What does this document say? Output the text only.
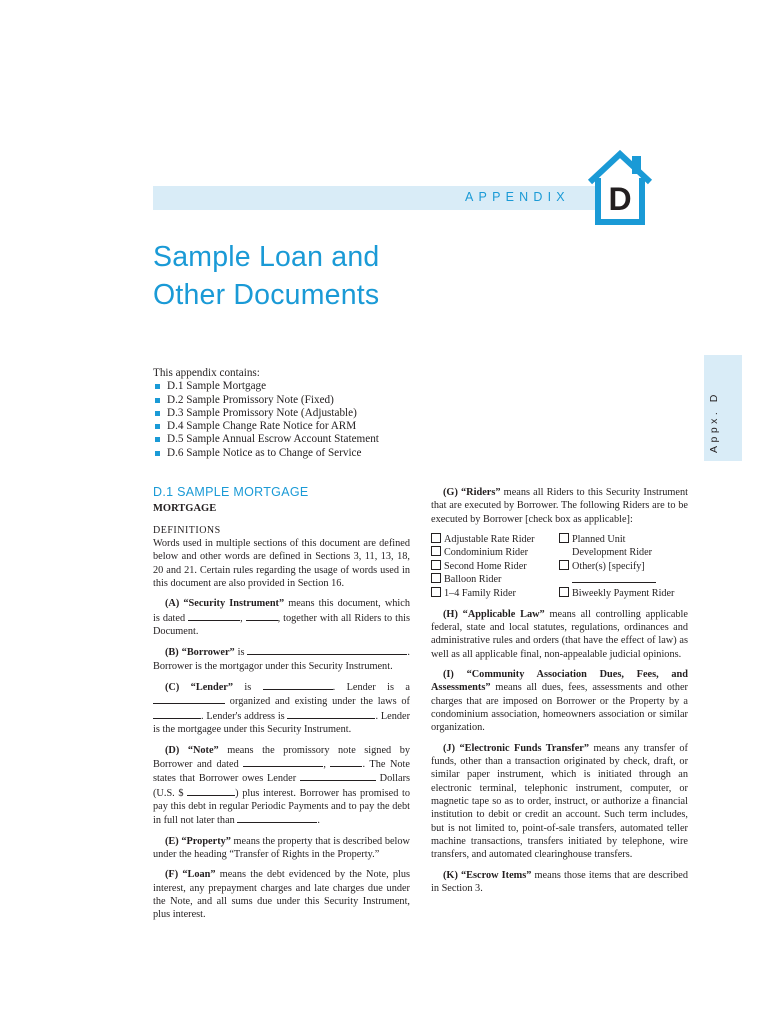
APPENDIX D
Sample Loan and
Other Documents
Appx. D
This appendix contains:
D.1 Sample Mortgage
D.2 Sample Promissory Note (Fixed)
D.3 Sample Promissory Note (Adjustable)
D.4 Sample Change Rate Notice for ARM
D.5 Sample Annual Escrow Account Statement
D.6 Sample Notice as to Change of Service
D.1 SAMPLE MORTGAGE
MORTGAGE
DEFINITIONS

Words used in multiple sections of this document are defined below and other words are defined in Sections 3, 11, 13, 18, 20 and 21. Certain rules regarding the usage of words used in this document are also provided in Section 16.

(A) “Security Instrument” means this document, which is dated	,	, together with all Riders to this Document.

(B) “Borrower” is	. Borrower is the mortgagor under this Security Instrument.

(C) “Lender” is	. Lender is a  organized and existing under the laws of . Lender's address is	. Lender is the mortgagee under this Security Instrument.

(D) “Note” means the promissory note signed by Borrower and dated	,	. The Note states that Borrower owes Lender	Dollars (U.S. $	) plus interest. Borrower has promised to pay this debt in regular Periodic Payments and to pay the debt in full not later than	.

(E) “Property” means the property that is described below under the heading “Transfer of Rights in the Property.”

(F) “Loan” means the debt evidenced by the Note, plus interest, any prepayment charges and late charges due under the Note, and all sums due under this Security Instrument, plus interest.

(G) “Riders” means all Riders to this Security Instrument that are executed by Borrower. The following Riders are to be executed by Borrower [check box as applicable]:

Adjustable Rate Rider	Planned Unit
Condominium Rider	Development Rider
Second Home Rider	Other(s) [specify]
Balloon Rider
1–4 Family Rider	Biweekly Payment Rider

(H) “Applicable Law” means all controlling applicable federal, state and local statutes, regulations, ordinances and administrative rules and orders (that have the effect of law) as well as all applicable final, non-appealable judicial opinions.

(I) “Community Association Dues, Fees, and Assessments” means all dues, fees, assessments and other charges that are imposed on Borrower or the Property by a condominium association, homeowners association or similar organization.

(J) “Electronic Funds Transfer” means any transfer of funds, other than a transaction originated by check, draft, or similar paper instrument, which is initiated through an electronic terminal, telephonic instrument, computer, or magnetic tape so as to order, instruct, or authorize a financial institution to debit or credit an account. Such term includes, but is not limited to, point-of-sale transfers, automated teller machine transactions, transfers initiated by telephone, wire transfers, and automated clearinghouse transfers.

(K) “Escrow Items” means those items that are described in Section 3.
